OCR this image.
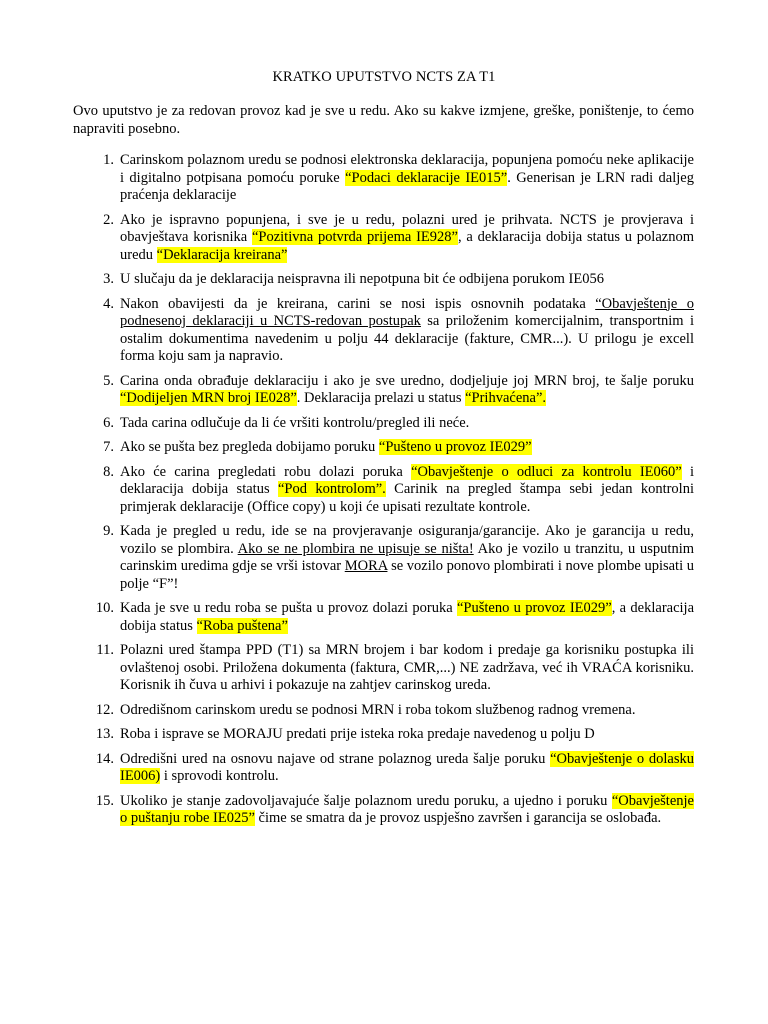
KRATKO UPUTSTVO NCTS ZA T1
Ovo uputstvo je za redovan provoz kad je sve u redu. Ako su kakve izmjene, greške, poništenje, to ćemo napraviti posebno.
1. Carinskom polaznom uredu se podnosi elektronska deklaracija, popunjena pomoću neke aplikacije i digitalno potpisana pomoću poruke “Podaci deklaracije IE015”. Generisan je LRN radi daljeg praćenja deklaracije
2. Ako je ispravno popunjena, i sve je u redu, polazni ured je prihvata. NCTS je provjerava i obavještava korisnika “Pozitivna potvrda prijema IE928”, a deklaracija dobija status u polaznom uredu “Deklaracija kreirana”
3. U slučaju da je deklaracija neispravna ili nepotpuna bit će odbijena porukom IE056
4. Nakon obavijesti da je kreirana, carini se nosi ispis osnovnih podataka “Obavještenje o podnesenoj deklaraciji u NCTS-redovan postupak sa priloženim komercijalnim, transportnim i ostalim dokumentima navedenim u polju 44 deklaracije (fakture, CMR...). U prilogu je excell forma koju sam ja napravio.
5. Carina onda obrađuje deklaraciju i ako je sve uredno, dodjeljuje joj MRN broj, te šalje poruku “Dodijeljen MRN broj IE028”. Deklaracija prelazi u status “Prihvaćena”.
6. Tada carina odlučuje da li će vršiti kontrolu/pregled ili neće.
7. Ako se pušta bez pregleda dobijamo poruku “Pušteno u provoz IE029”
8. Ako će carina pregledati robu dolazi poruka “Obavještenje o odluci za kontrolu IE060” i deklaracija dobija status “Pod kontrolom”. Carinik na pregled štampa sebi jedan kontrolni primjerak deklaracije (Office copy) u koji će upisati rezultate kontrole.
9. Kada je pregled u redu, ide se na provjeravanje osiguranja/garancije. Ako je garancija u redu, vozilo se plombira. Ako se ne plombira ne upisuje se ništa! Ako je vozilo u tranzitu, u usputnim carinskim uredima gdje se vrši istovar MORA se vozilo ponovo plombirati i nove plombe upisati u polje “F”!
10. Kada je sve u redu roba se pušta u provoz dolazi poruka “Pušteno u provoz IE029”, a deklaracija dobija status “Roba puštena”
11. Polazni ured štampa PPD (T1) sa MRN brojem i bar kodom i predaje ga korisniku postupka ili ovlaštenoj osobi. Priložena dokumenta (faktura, CMR,...) NE zadržava, već ih VRAĆA korisniku. Korisnik ih čuva u arhivi i pokazuje na zahtjev carinskog ureda.
12. Odredišnom carinskom uredu se podnosi MRN i roba tokom službenog radnog vremena.
13. Roba i isprave se MORAJU predati prije isteka roka predaje navedenog u polju D
14. Odredišni ured na osnovu najave od strane polaznog ureda šalje poruku “Obavještenje o dolasku IE006) i sprovodi kontrolu.
15. Ukoliko je stanje zadovoljavajuće šalje polaznom uredu poruku, a ujedno i poruku “Obavještenje o puštanju robe IE025” čime se smatra da je provoz uspješno završen i garancija se oslobađa.
